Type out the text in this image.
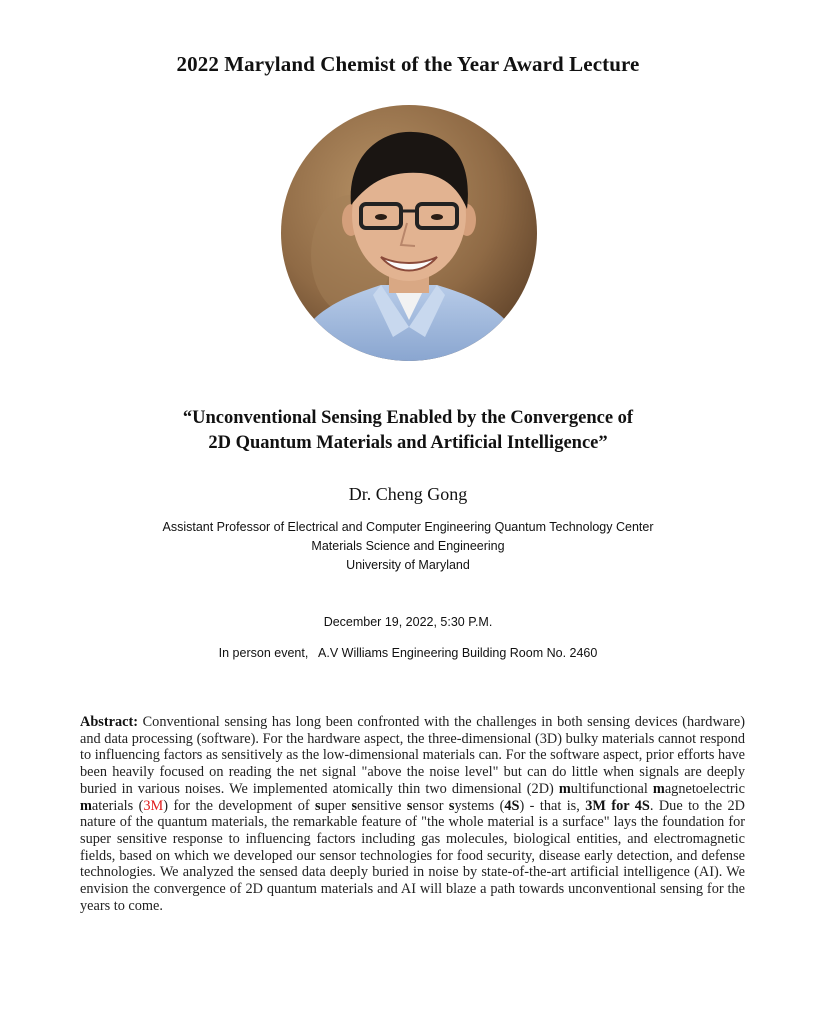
2022 Maryland Chemist of the Year Award Lecture
“Unconventional Sensing Enabled by the Convergence of
2D Quantum Materials and Artificial Intelligence”
Dr. Cheng Gong
Assistant Professor of Electrical and Computer Engineering Quantum Technology Center
Materials Science and Engineering
University of Maryland
December 19, 2022, 5:30 P.M.
In person event,   A.V Williams Engineering Building Room No. 2460
Abstract: Conventional sensing has long been confronted with the challenges in both sensing devices (hardware) and data processing (software). For the hardware aspect, the three-dimensional (3D) bulky materials cannot respond to influencing factors as sensitively as the low-dimensional materials can. For the software aspect, prior efforts have been heavily focused on reading the net signal "above the noise level" but can do little when signals are deeply buried in various noises. We implemented atomically thin two dimensional (2D) multifunctional magnetoelectric materials (3M) for the development of super sensitive sensor systems (4S) - that is, 3M for 4S. Due to the 2D nature of the quantum materials, the remarkable feature of "the whole material is a surface" lays the foundation for super sensitive response to influencing factors including gas molecules, biological entities, and electromagnetic fields, based on which we developed our sensor technologies for food security, disease early detection, and defense technologies. We analyzed the sensed data deeply buried in noise by state-of-the-art artificial intelligence (AI). We envision the convergence of 2D quantum materials and AI will blaze a path towards unconventional sensing for the years to come.
